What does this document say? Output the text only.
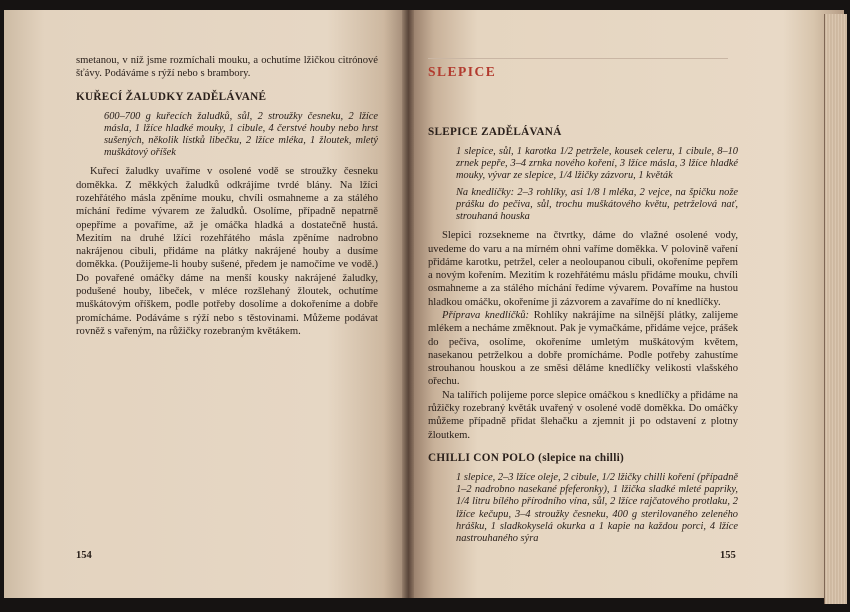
smetanou, v níž jsme rozmíchali mouku, a ochutíme lžičkou citrónové šťávy. Podáváme s rýží nebo s brambory.

KUŘECÍ ŽALUDKY ZADĚLÁVANÉ
600–700 g kuřecích žaludků, sůl, 2 stroužky česneku, 2 lžíce másla, 1 lžíce hladké mouky, 1 cibule, 4 čerstvé houby nebo hrst sušených, několik lístků libečku, 2 lžíce mléka, 1 žloutek, mletý muškátový oříšek

Kuřecí žaludky uvaříme v osolené vodě se stroužky česneku doměkka. Z měkkých žaludků odkrájíme tvrdé blány. Na lžíci rozehřátého másla zpěníme mouku, chvíli osmahneme a za stálého míchání ředíme vývarem ze žaludků. Osolíme, případně nepatrně opepříme a povaříme, až je omáčka hladká a dostatečně hustá. Mezitím na druhé lžíci rozehřátého másla zpěníme nadrobno nakrájenou cibuli, přidáme na plátky nakrájené houby a dusíme doměkka. (Použijeme-li houby sušené, předem je namočíme ve vodě.) Do povařené omáčky dáme na menší kousky nakrájené žaludky, podušené houby, libeček, v mléce rozšlehaný žloutek, ochutíme muškátovým oříškem, podle potřeby dosolíme a dokořeníme a dobře promícháme. Podáváme s rýží nebo s těstovinami. Můžeme podávat rovněž s vařeným, na růžičky rozebraným květákem.

154
SLEPICE
SLEPICE ZADĚLÁVANÁ
1 slepice, sůl, 1 karotka 1/2 petržele, kousek celeru, 1 cibule, 8–10 zrnek pepře, 3–4 zrnka nového koření, 3 lžíce másla, 3 lžíce hladké mouky, vývar ze slepice, 1/4 lžičky zázvoru, 1 květák
Na knedlíčky: 2–3 rohlíky, asi 1/8 l mléka, 2 vejce, na špičku nože prášku do pečiva, sůl, trochu muškátového květu, petrželová nať, strouhaná houska

Slepici rozsekneme na čtvrtky, dáme do vlažné osolené vody, uvedeme do varu a na mírném ohni vaříme doměkka. V polovině vaření přidáme karotku, petržel, celer a neoloupanou cibuli, okořeníme pepřem a novým kořením. Mezitím k rozehřátému máslu přidáme mouku, chvíli osmahneme a za stálého míchání ředíme vývarem. Povaříme na hustou hladkou omáčku, okořeníme ji zázvorem a zavaříme do ní knedlíčky.

Příprava knedlíčků: Rohlíky nakrájíme na silnější plátky, zalijeme mlékem a necháme změknout. Pak je vymačkáme, přidáme vejce, prášek do pečiva, osolíme, okořeníme umletým muškátovým květem, nasekanou petrželkou a dobře promícháme. Podle potřeby zahustíme strouhanou houskou a ze směsi děláme knedlíčky velikosti vlašského ořechu.

Na talířích polijeme porce slepice omáčkou s knedlíčky a přidáme na růžičky rozebraný květák uvařený v osolené vodě doměkka. Do omáčky můžeme případně přidat šlehačku a zjemnit ji po odstavení z plotny žloutkem.

CHILLI CON POLO (slepice na chilli)
1 slepice, 2–3 lžíce oleje, 2 cibule, 1/2 lžičky chilli koření (případně 1–2 nadrobno nasekané pfeferonky), 1 lžička sladké mleté papriky, 1/4 litru bílého přírodního vína, sůl, 2 lžíce rajčatového protlaku, 2 lžíce kečupu, 3–4 stroužky česneku, 400 g sterilovaného zeleného hrášku, 1 sladkokyselá okurka a 1 kapie na každou porci, 4 lžíce nastrouhaného sýra
155
